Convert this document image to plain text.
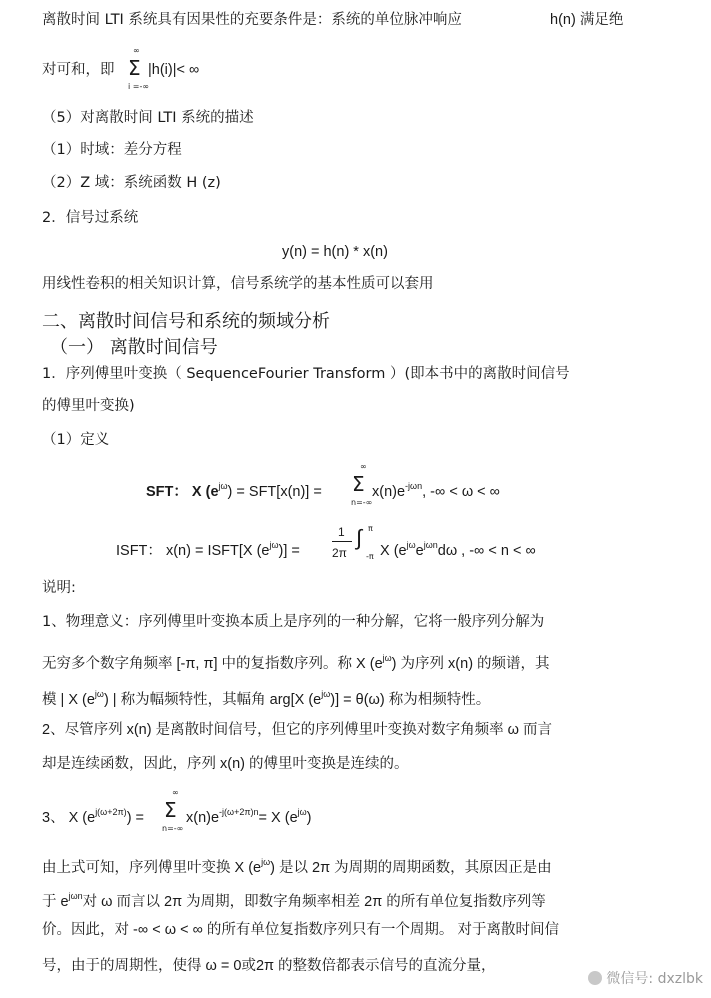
离散时间 LTI 系统具有因果性的充要条件是：系统的单位脉冲响应	h(n) 满足绝
对可和，即
∞
Σ
i =-∞
|h(i)|< ∞
（5）对离散时间 LTI 系统的描述
（1）时域：差分方程
（2）Z 域：系统函数 H (z)
2．信号过系统
y(n) = h(n) * x(n)
用线性卷积的相关知识计算，信号系统学的基本性质可以套用
二、离散时间信号和系统的频域分析
（一） 离散时间信号
1．序列傅里叶变换（ SequenceFourier Transform ）(即本书中的离散时间信号
的傅里叶变换)
（1）定义
SFT： X $(e^{j\omega}) = SFT[x(n)]$ =
∞
Σ
n=-∞
$x(n)e^{-j\omega n}$, -∞ < ω < ∞
ISFT： x(n) = ISFT[X $(e^{j\omega})$] =
1
2π
∫ π
-π X ($e^{j\omega}e^{j\omega n}d\omega$ , -∞ < n < ∞
说明:
1、物理意义：序列傅里叶变换本质上是序列的一种分解，它将一般序列分解为
无穷多个数字角频率 [-π, π] 中的复指数序列。称 X $(e^{j\omega})$ 为序列 x(n) 的频谱，其
模 | X $(e^{j\omega})$ | 称为幅频特性，其幅角 arg[X $(e^{j\omega})] = \theta(\omega)$ 称为相频特性。
2、尽管序列 x(n) 是离散时间信号，但它的序列傅里叶变换对数字角频率 ω 而言
却是连续函数，因此，序列 x(n) 的傅里叶变换是连续的。
3、 X $(e^{j(\omega+2\pi)})$ =
∞
Σ
n=-∞
$x(n)e^{-j(\omega+2\pi)n}= X$ $(e^{j\omega})$
由上式可知，序列傅里叶变换 X $(e^{j\omega})$ 是以 2π 为周期的周期函数，其原因正是由
于 $e^{j\omega n}$对 ω 而言以 2π 为周期，即数字角频率相差 2π 的所有单位复指数序列等
价。因此，对 -∞ < ω < ∞ 的所有单位复指数序列只有一个周期。 对于离散时间信
号，由于的周期性，使得 ω = 0或2π 的整数倍都表示信号的直流分量，
微信号: dxzlbk
